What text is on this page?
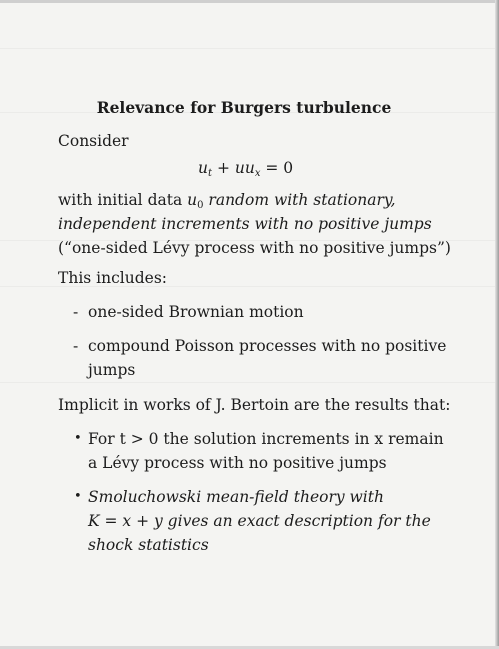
Relevance for Burgers turbulence
Consider
$u_t + uu_x = 0$
with initial data $u_0$ random with stationary,
independent increments with no positive jumps
(“one-sided Lévy process with no positive jumps”)
This includes:
- one-sided Brownian motion
- compound Poisson processes with no positive
jumps
Implicit in works of J. Bertoin are the results that:
• For t > 0 the solution increments in x remain
a Lévy process with no positive jumps
• Smoluchowski mean-field theory with
K = x + y gives an exact description for the
shock statistics
